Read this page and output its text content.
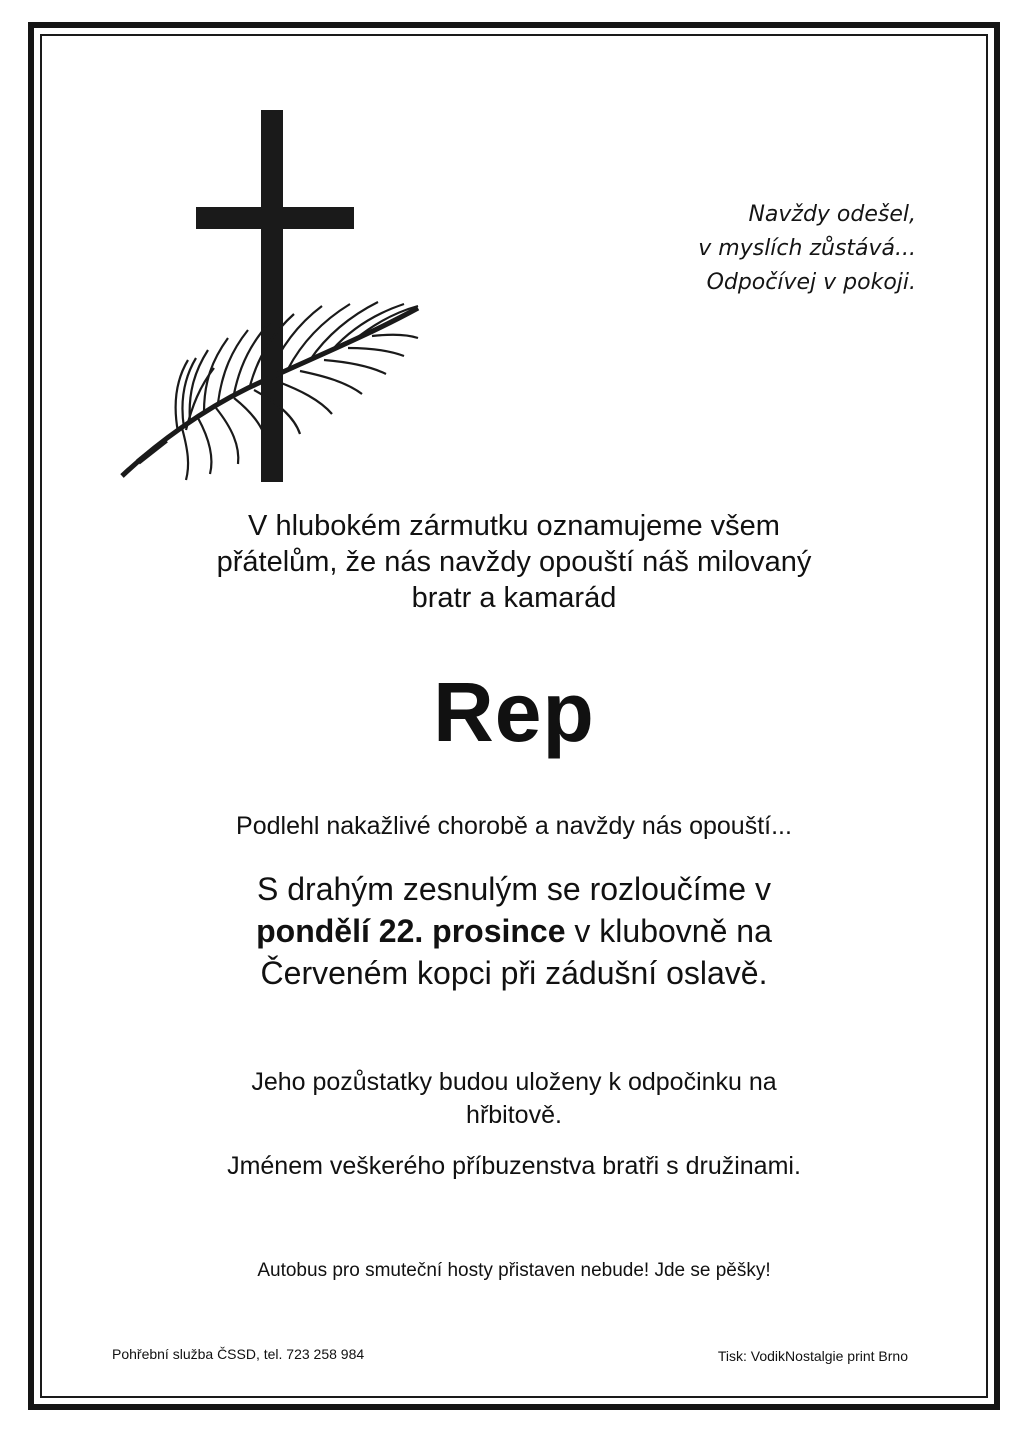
Navždy odešel,
v myslích zůstává...
Odpočívej v pokoji.
V hlubokém zármutku oznamujeme všem
přátelům, že nás navždy opouští náš milovaný
bratr a kamarád
Rep
Podlehl nakažlivé chorobě a navždy nás opouští...
S drahým zesnulým se rozloučíme v
pondělí 22. prosince v klubovně na
Červeném kopci při zádušní oslavě.
Jeho pozůstatky budou uloženy k odpočinku na
hřbitově.
Jménem veškerého příbuzenstva bratři s družinami.
Autobus pro smuteční hosty přistaven nebude! Jde se pěšky!
Pohřební služba ČSSD, tel. 723 258 984	Tisk: VodikNostalgie print Brno
